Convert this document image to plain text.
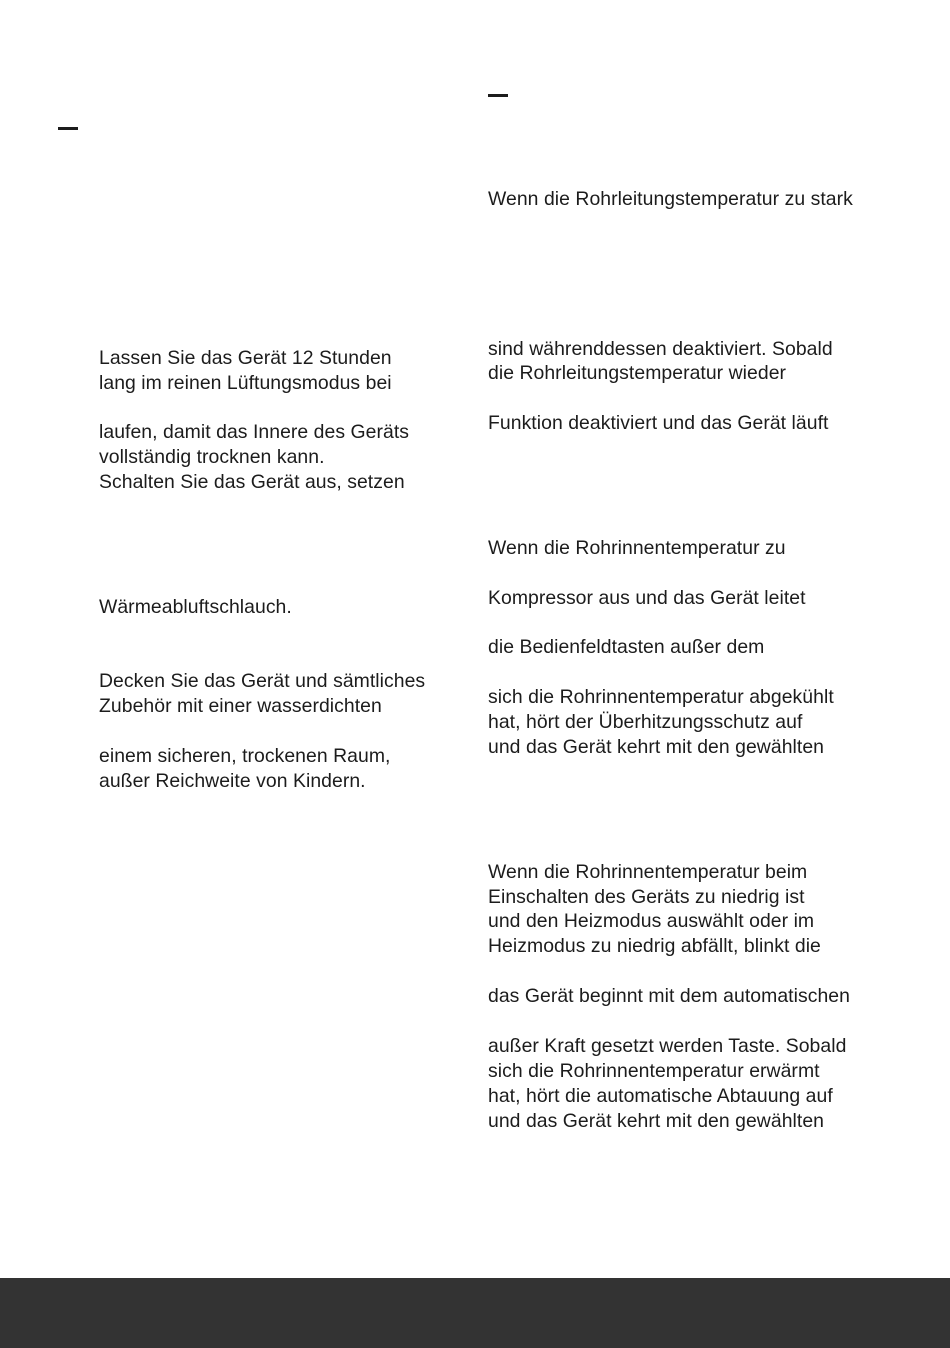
Lassen Sie das Gerät 12 Stunden
lang im reinen Lüftungsmodus bei
laufen, damit das Innere des Geräts
vollständig trocknen kann.
Schalten Sie das Gerät aus, setzen
Wärmeabluftschlauch.
Decken Sie das Gerät und sämtliches
Zubehör mit einer wasserdichten
einem sicheren, trockenen Raum,
außer Reichweite von Kindern.
Wenn die Rohrleitungstemperatur zu stark
sind währenddessen deaktiviert. Sobald
die Rohrleitungstemperatur wieder
Funktion deaktiviert und das Gerät läuft
Wenn die Rohrinnentemperatur zu
Kompressor aus und das Gerät leitet
die Bedienfeldtasten außer dem
sich die Rohrinnentemperatur abgekühlt
hat, hört der Überhitzungsschutz auf
und das Gerät kehrt mit den gewählten
Wenn die Rohrinnentemperatur beim
Einschalten des Geräts zu niedrig ist
und den Heizmodus auswählt oder im
Heizmodus zu niedrig abfällt, blinkt die
das Gerät beginnt mit dem automatischen
außer Kraft gesetzt werden Taste. Sobald
sich die Rohrinnentemperatur erwärmt
hat, hört die automatische Abtauung auf
und das Gerät kehrt mit den gewählten
